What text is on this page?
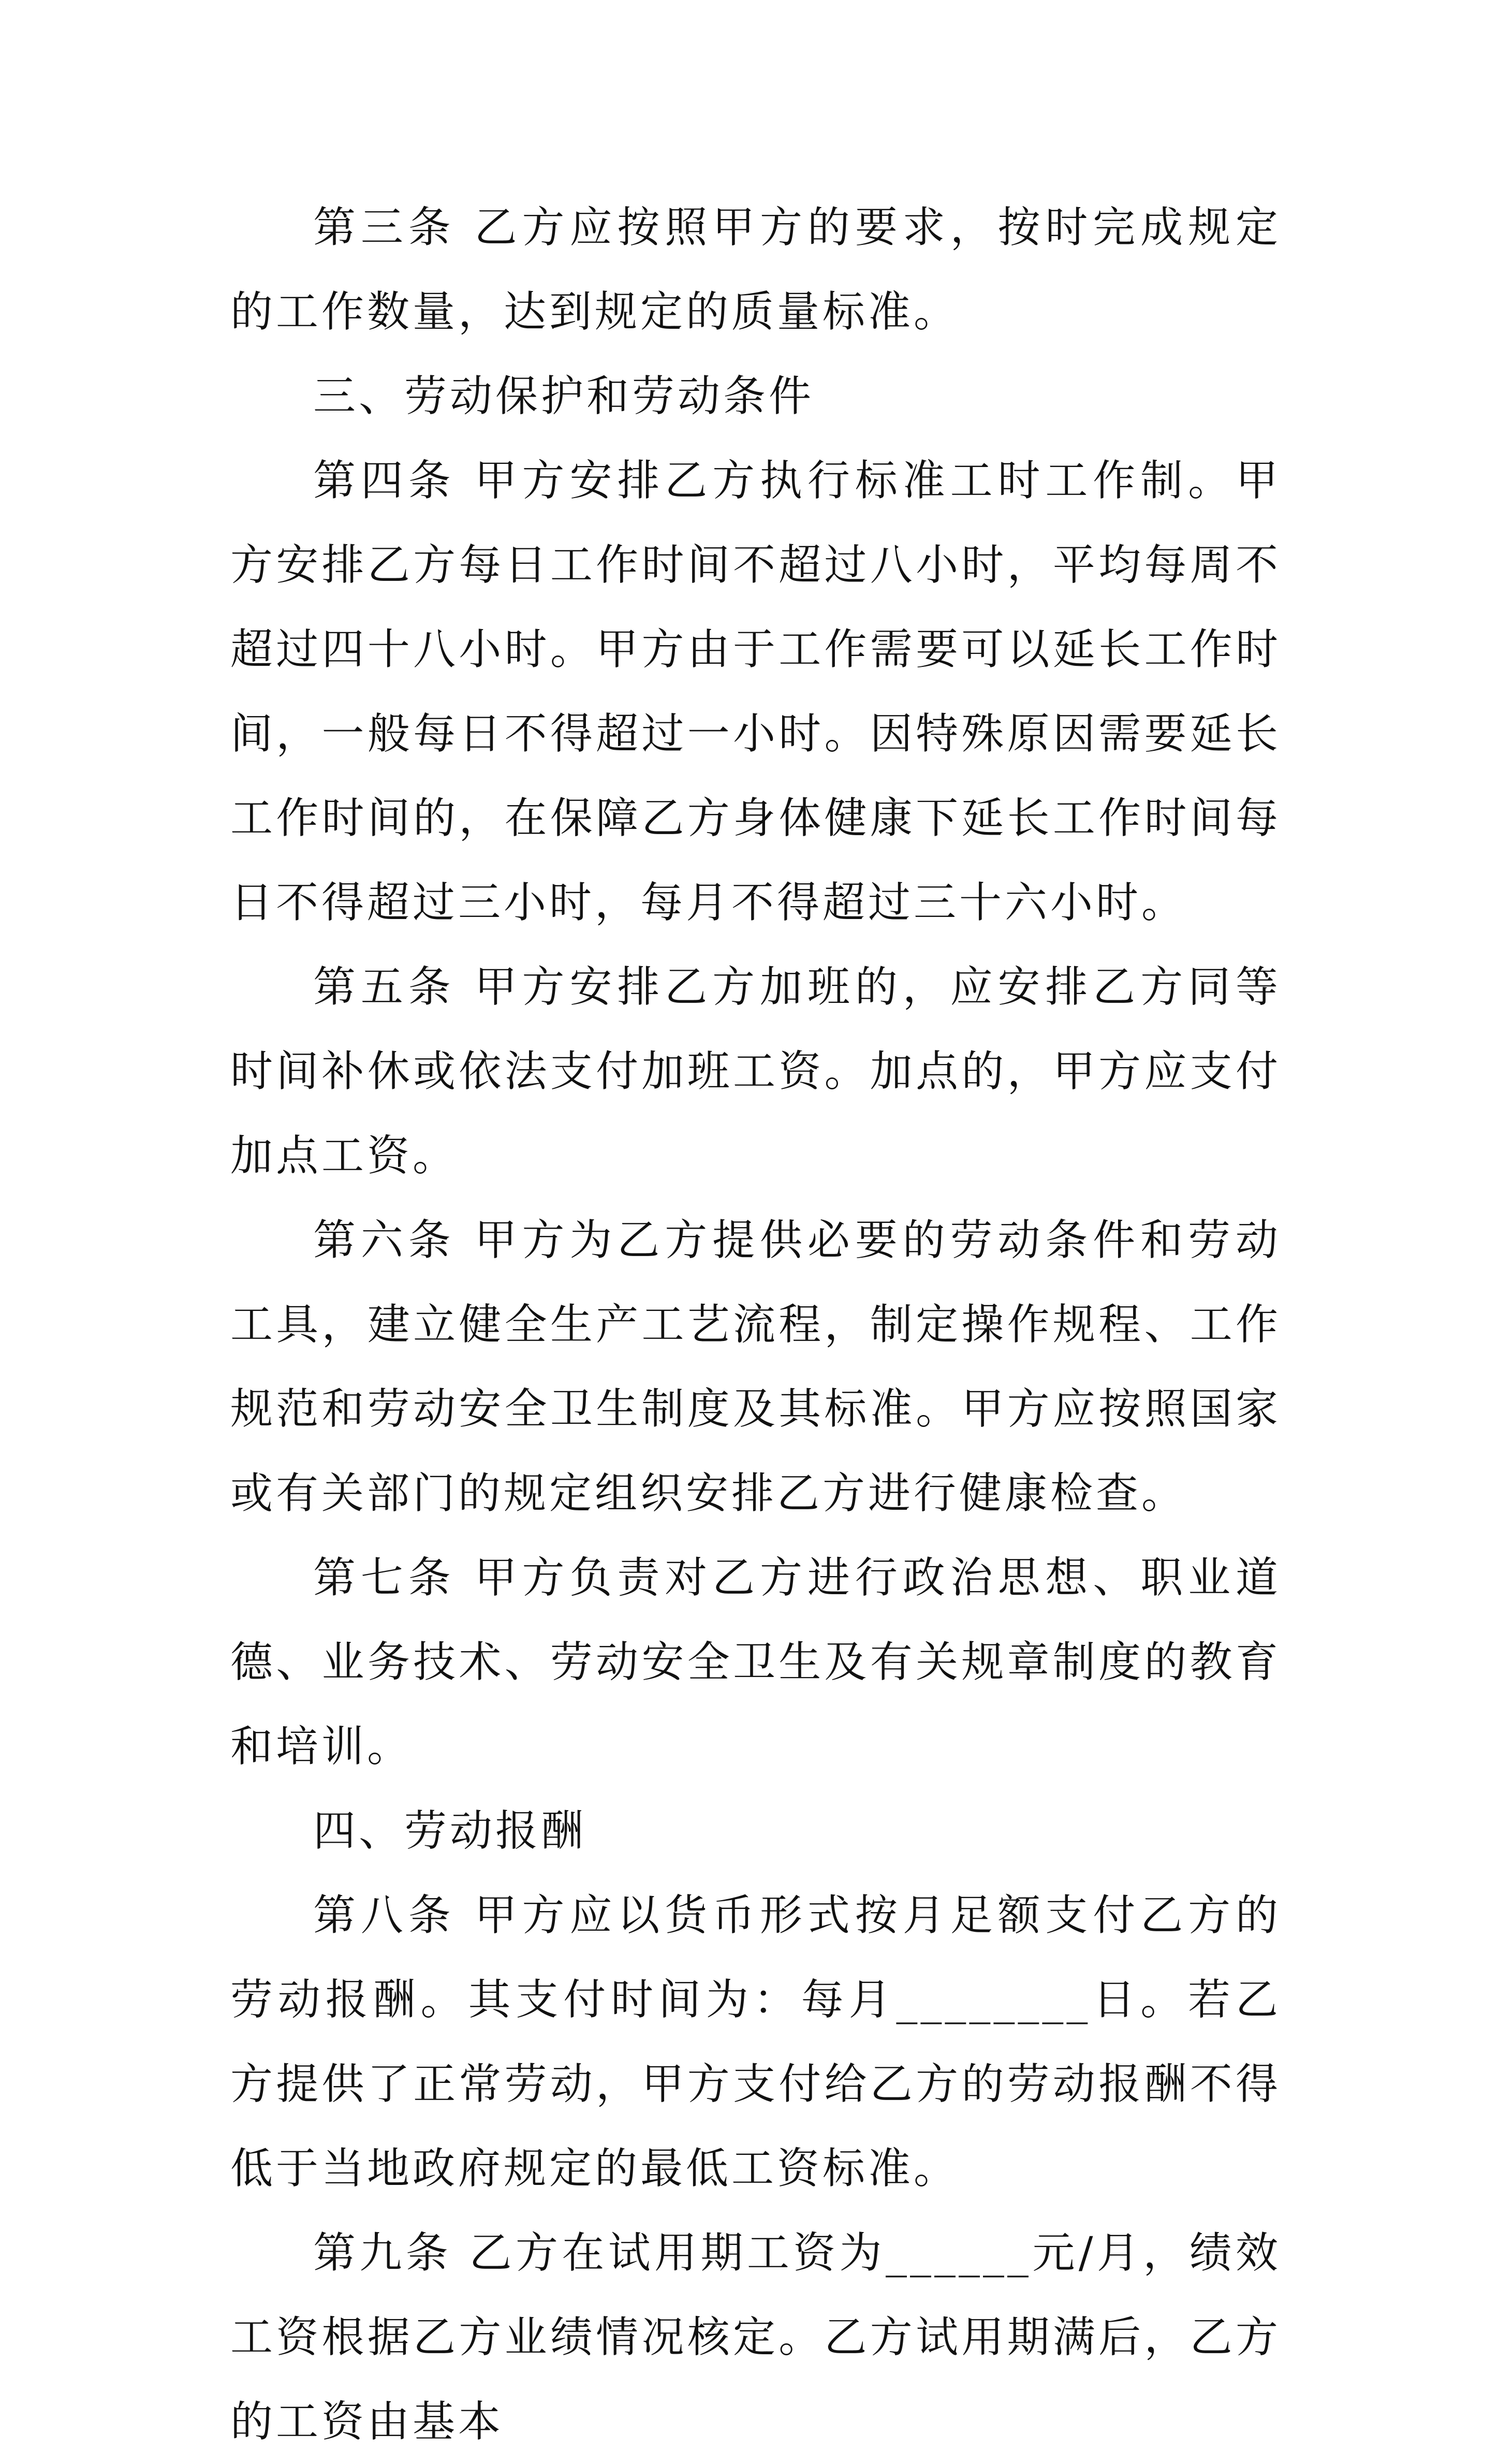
第三条 乙方应按照甲方的要求，按时完成规定的工作数量，达到规定的质量标准。

三、劳动保护和劳动条件

第四条 甲方安排乙方执行标准工时工作制。甲方安排乙方每日工作时间不超过八小时，平均每周不超过四十八小时。甲方由于工作需要可以延长工作时间，一般每日不得超过一小时。因特殊原因需要延长工作时间的，在保障乙方身体健康下延长工作时间每日不得超过三小时，每月不得超过三十六小时。

第五条 甲方安排乙方加班的，应安排乙方同等时间补休或依法支付加班工资。加点的，甲方应支付加点工资。

第六条 甲方为乙方提供必要的劳动条件和劳动工具，建立健全生产工艺流程，制定操作规程、工作规范和劳动安全卫生制度及其标准。甲方应按照国家或有关部门的规定组织安排乙方进行健康检查。

第七条 甲方负责对乙方进行政治思想、职业道德、业务技术、劳动安全卫生及有关规章制度的教育和培训。

四、劳动报酬

第八条 甲方应以货币形式按月足额支付乙方的劳动报酬。其支付时间为：每月________日。若乙方提供了正常劳动，甲方支付给乙方的劳动报酬不得低于当地政府规定的最低工资标准。

第九条 乙方在试用期工资为______元/月，绩效工资根据乙方业绩情况核定。乙方试用期满后，乙方的工资由基本
